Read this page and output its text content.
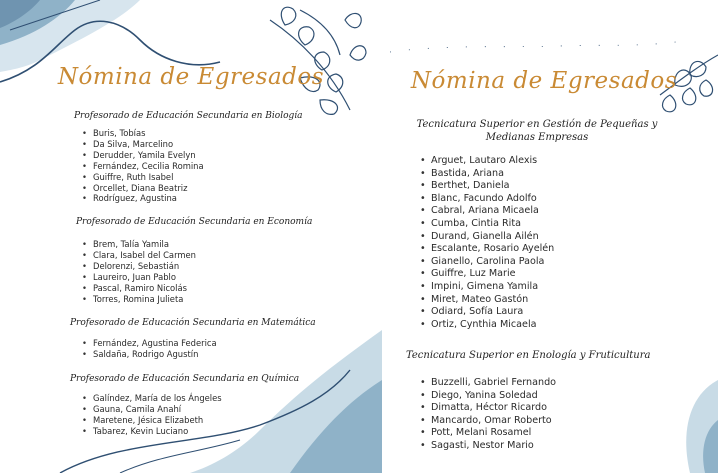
Nómina de Egresados
Profesorado de Educación Secundaria en Biología
• Buris, Tobías
• Da Silva, Marcelino
• Derudder, Yamila Evelyn
• Fernández, Cecilia Romina
• Guiffre, Ruth Isabel
• Orcellet, Diana Beatriz
• Rodríguez, Agustina
Profesorado de Educación Secundaria en Economía
• Brem, Talía Yamila
• Clara, Isabel del Carmen
• Delorenzi, Sebastián
• Laureiro, Juan Pablo
• Pascal, Ramiro Nicolás
• Torres, Romina Julieta
Profesorado de Educación Secundaria en Matemática
• Fernández, Agustina Federica
• Saldaña, Rodrigo Agustín
Profesorado de Educación Secundaria en Química
• Galíndez, María de los Ángeles
• Gauna, Camila Anahí
• Maretene, Jésica Elizabeth
• Tabarez, Kevin Luciano
Nómina de Egresados
Tecnicatura Superior en Gestión de Pequeñas y Medianas Empresas
• Arguet, Lautaro Alexis
• Bastida, Ariana
• Berthet, Daniela
• Blanc, Facundo Adolfo
• Cabral, Ariana Micaela
• Cumba, Cintia Rita
• Durand, Gianella Ailén
• Escalante, Rosario Ayelén
• Gianello, Carolina Paola
• Guiffre, Luz Marie
• Impini, Gimena Yamila
• Miret, Mateo Gastón
• Odiard, Sofía Laura
• Ortiz, Cynthia Micaela
Tecnicatura Superior en Enología y Fruticultura
• Buzzelli, Gabriel Fernando
• Diego, Yanina Soledad
• Dimatta, Héctor Ricardo
• Mancardo, Omar Roberto
• Pott, Melani Rosamel
• Sagasti, Nestor Mario
